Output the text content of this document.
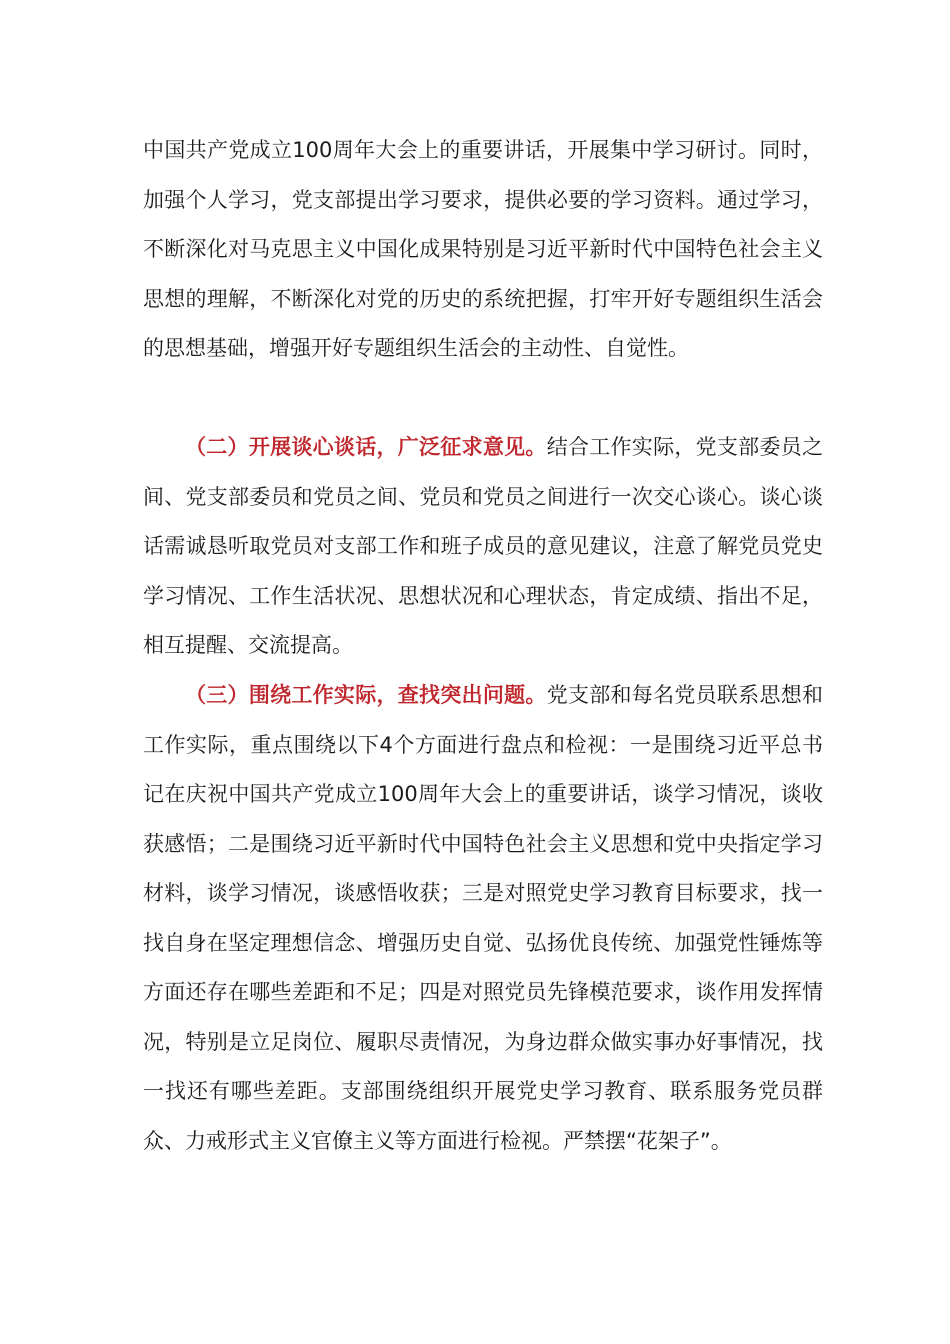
中国共产党成立100周年大会上的重要讲话，开展集中学习研讨。同时，加强个人学习，党支部提出学习要求，提供必要的学习资料。通过学习，不断深化对马克思主义中国化成果特别是习近平新时代中国特色社会主义思想的理解，不断深化对党的历史的系统把握，打牢开好专题组织生活会的思想基础，增强开好专题组织生活会的主动性、自觉性。

（二）开展谈心谈话，广泛征求意见。结合工作实际，党支部委员之间、党支部委员和党员之间、党员和党员之间进行一次交心谈心。谈心谈话需诚恳听取党员对支部工作和班子成员的意见建议，注意了解党员党史学习情况、工作生活状况、思想状况和心理状态，肯定成绩、指出不足，相互提醒、交流提高。

（三）围绕工作实际，查找突出问题。党支部和每名党员联系思想和工作实际，重点围绕以下4个方面进行盘点和检视：一是围绕习近平总书记在庆祝中国共产党成立100周年大会上的重要讲话，谈学习情况，谈收获感悟；二是围绕习近平新时代中国特色社会主义思想和党中央指定学习材料，谈学习情况，谈感悟收获；三是对照党史学习教育目标要求，找一找自身在坚定理想信念、增强历史自觉、弘扬优良传统、加强党性锤炼等方面还存在哪些差距和不足；四是对照党员先锋模范要求，谈作用发挥情况，特别是立足岗位、履职尽责情况，为身边群众做实事办好事情况，找一找还有哪些差距。支部围绕组织开展党史学习教育、联系服务党员群众、力戒形式主义官僚主义等方面进行检视。严禁摆“花架子”。
